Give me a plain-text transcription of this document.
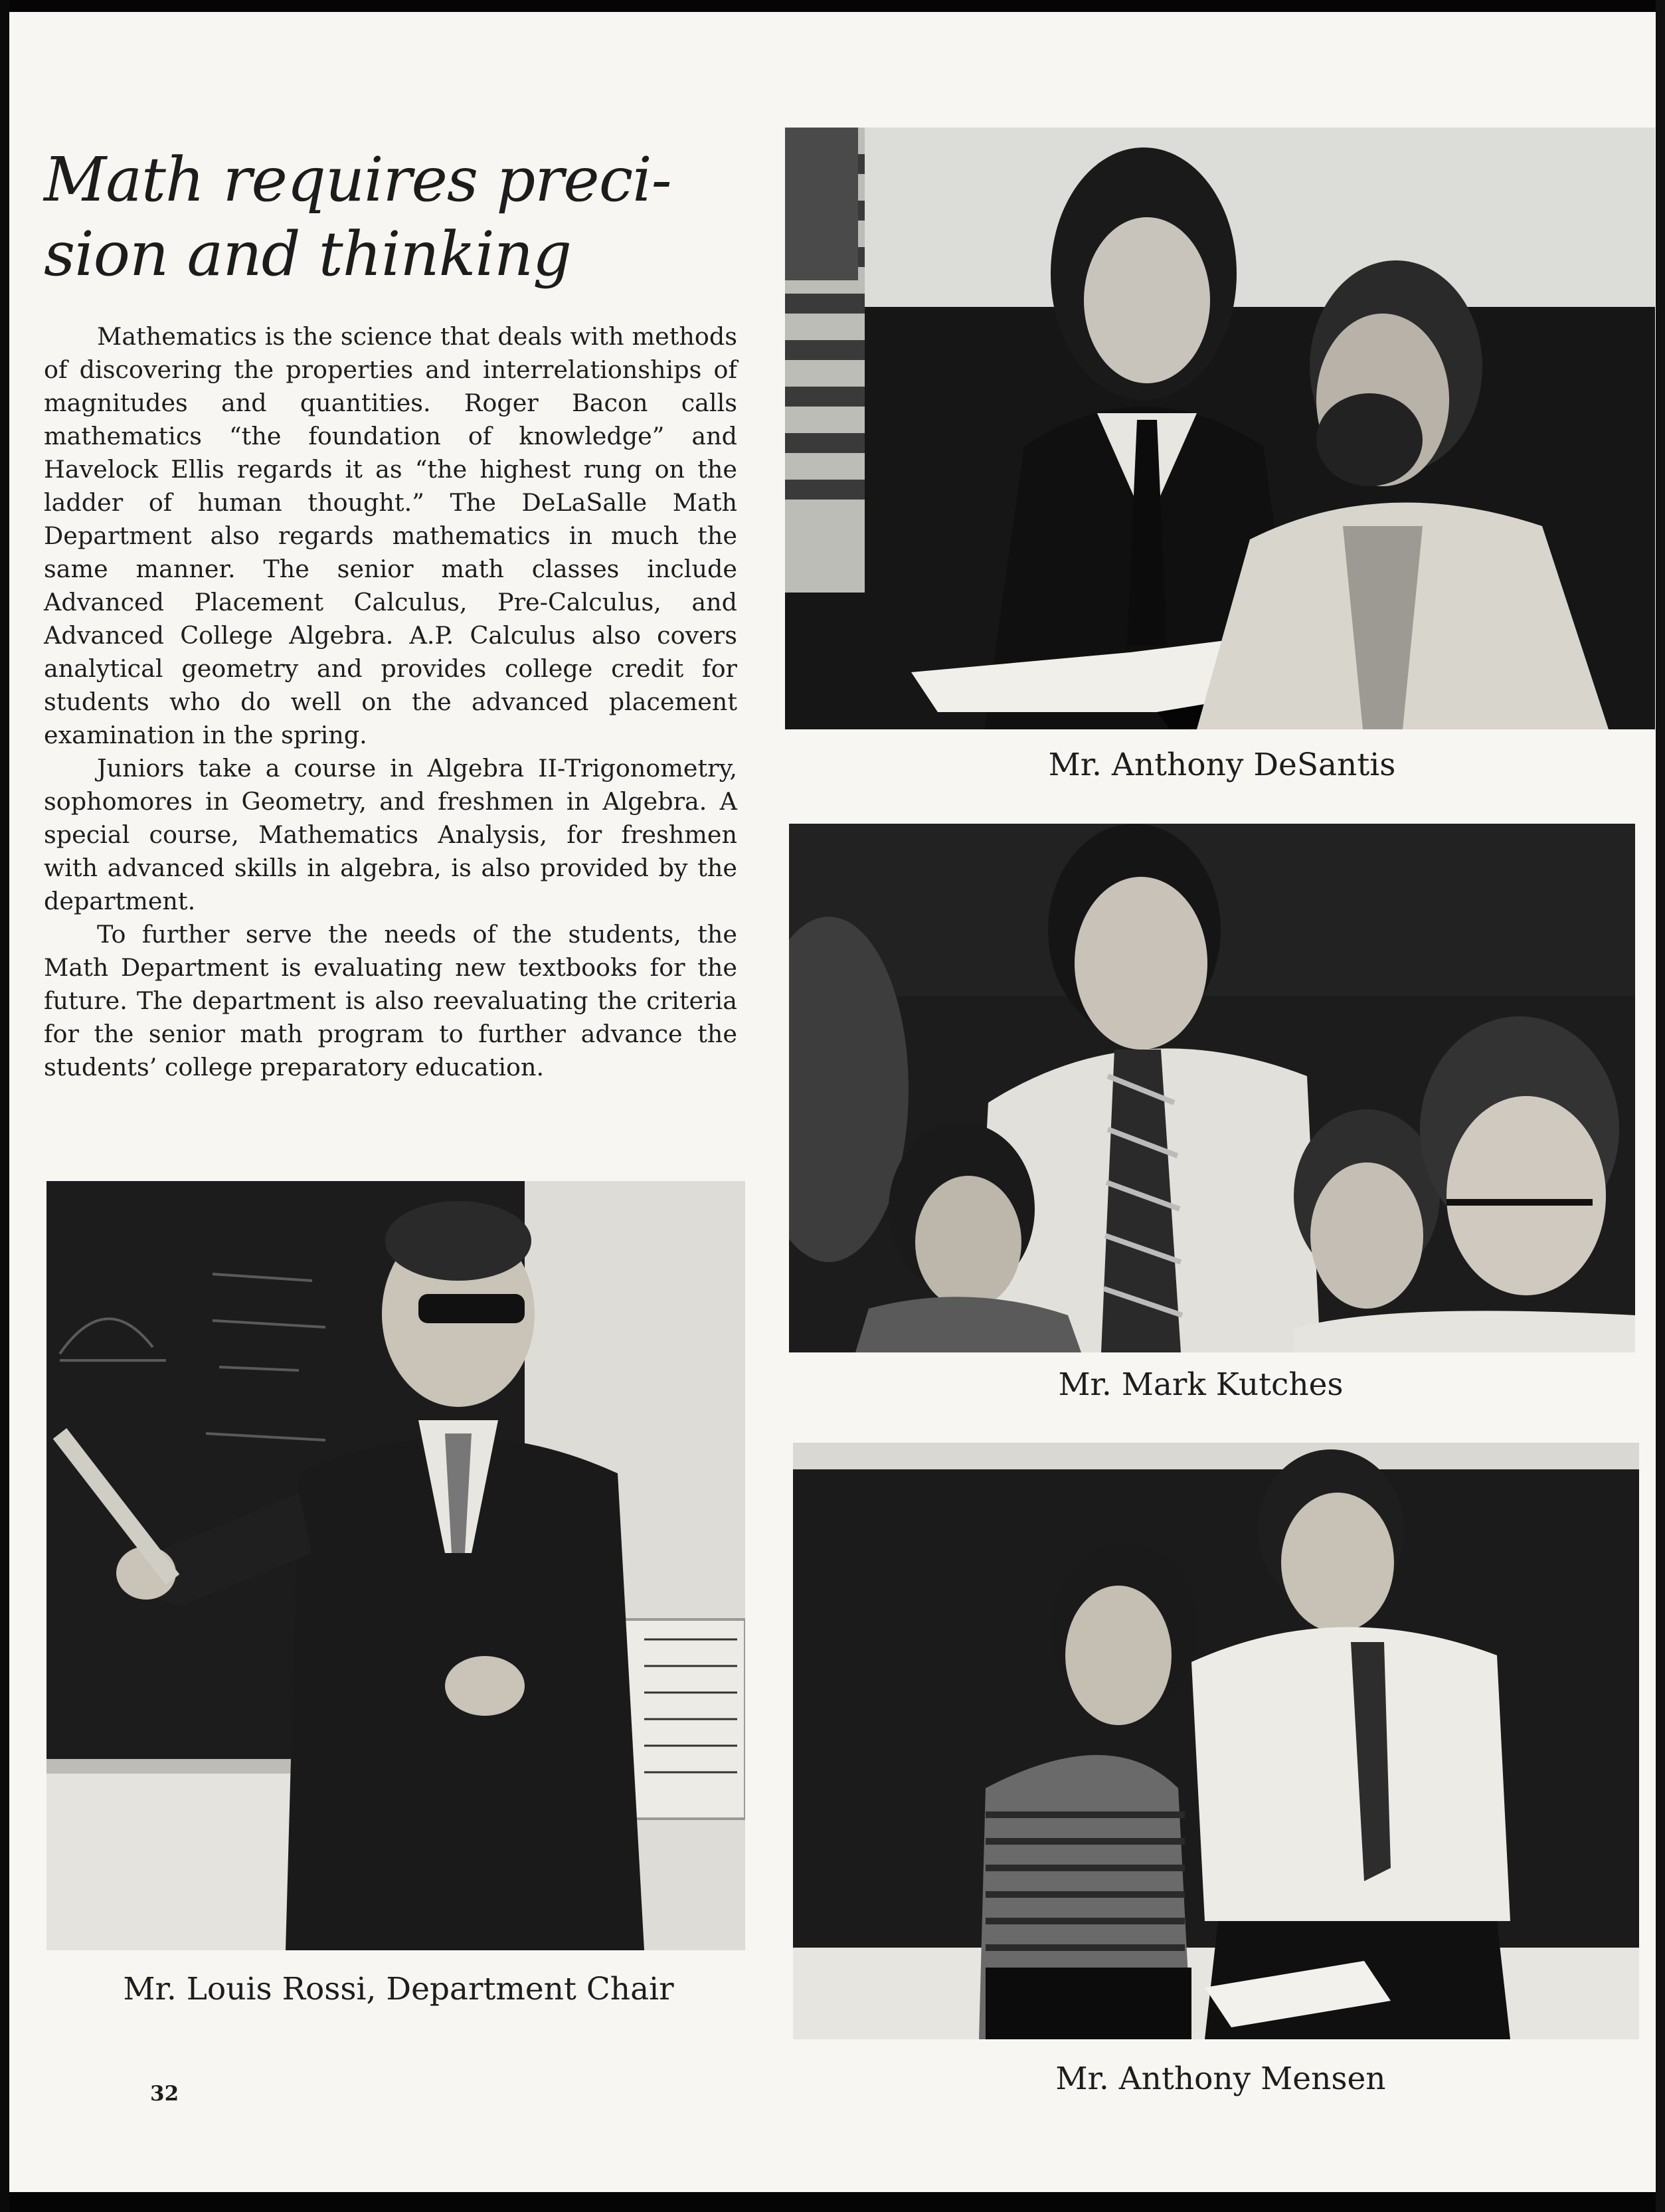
Math requires preci-
sion and thinking

Mathematics is the science that deals with methods of discovering the properties and interrelationships of magnitudes and quantities. Roger Bacon calls mathematics “the foundation of knowledge” and Havelock Ellis regards it as “the highest rung on the ladder of human thought.” The DeLaSalle Math Department also regards mathematics in much the same manner. The senior math classes include Advanced Placement Calculus, Pre-Calculus, and Advanced College Algebra. A.P. Calculus also covers analytical geometry and provides college credit for students who do well on the advanced placement examination in the spring.

Juniors take a course in Algebra II-Trigonometry, sophomores in Geometry, and freshmen in Algebra. A special course, Mathematics Analysis, for freshmen with advanced skills in algebra, is also provided by the department.

To further serve the needs of the students, the Math Department is evaluating new textbooks for the future. The department is also reevaluating the criteria for the senior math program to further advance the students’ college preparatory education.

Mr. Anthony DeSantis
Mr. Mark Kutches
Mr. Anthony Mensen
Mr. Louis Rossi, Department Chair
32
